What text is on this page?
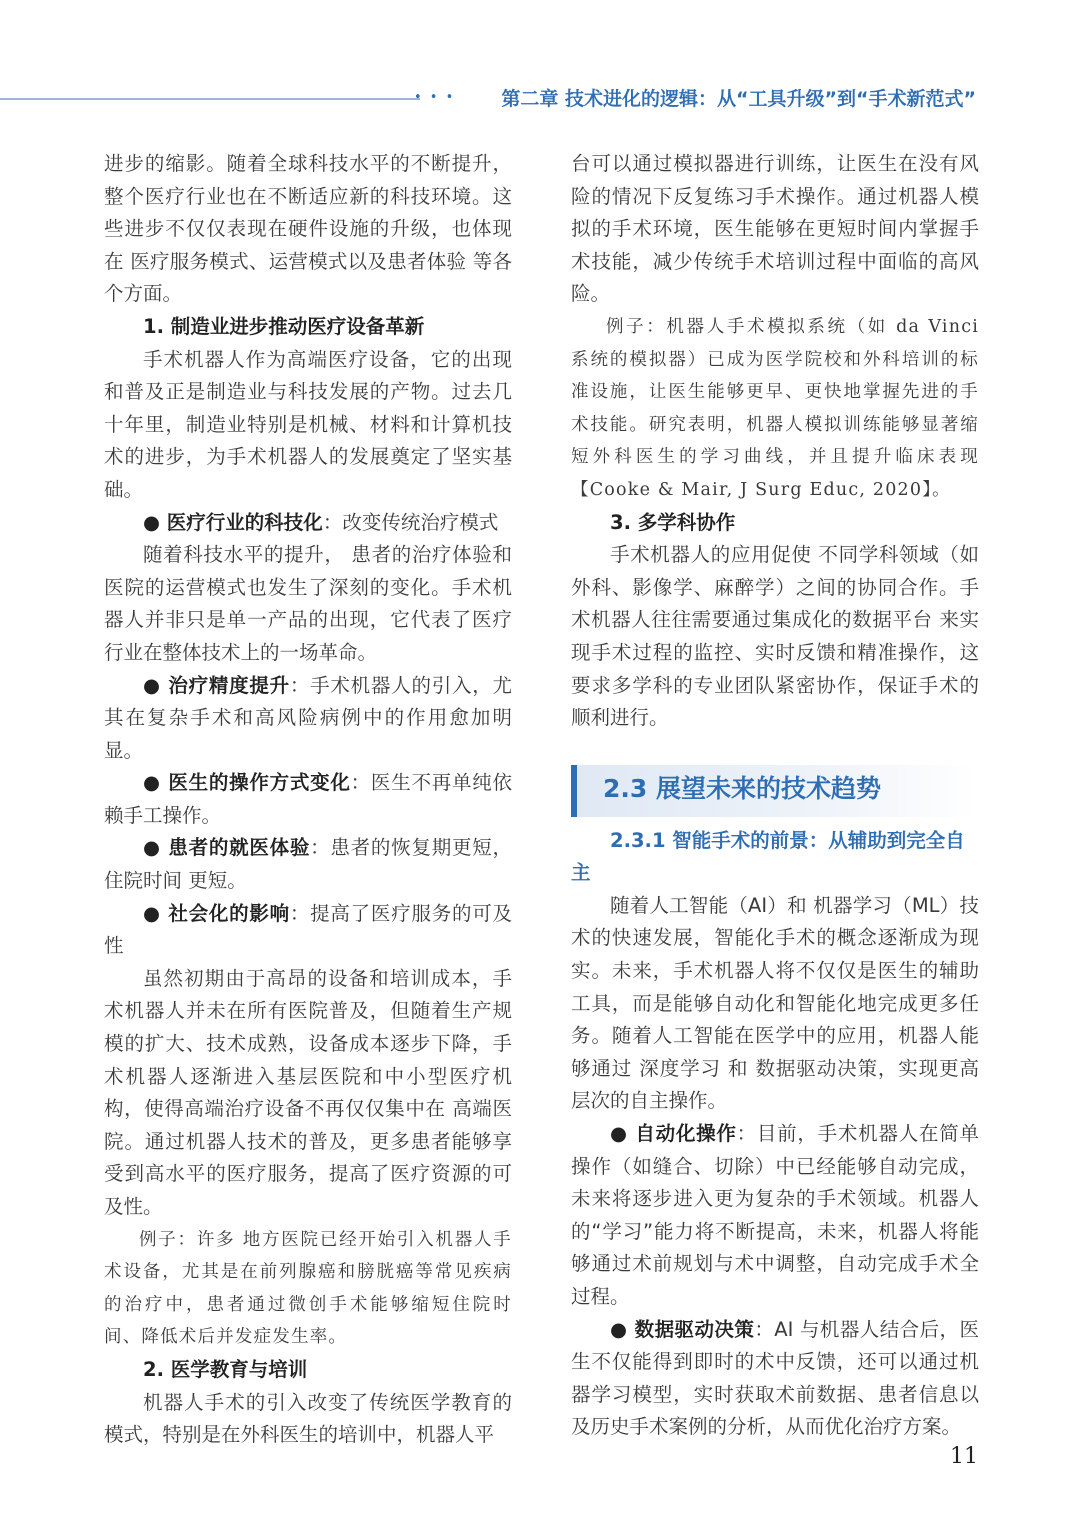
• • • 第二章 技术进化的逻辑：从“工具升级”到“手术新范式”

进步的缩影。随着全球科技水平的不断提升，整个医疗行业也在不断适应新的科技环境。这些进步不仅仅表现在硬件设施的升级，也体现在 医疗服务模式、运营模式以及患者体验 等各个方面。

1. 制造业进步推动医疗设备革新

手术机器人作为高端医疗设备，它的出现和普及正是制造业与科技发展的产物。过去几十年里，制造业特别是机械、材料和计算机技术的进步，为手术机器人的发展奠定了坚实基础。

● 医疗行业的科技化：改变传统治疗模式

随着科技水平的提升， 患者的治疗体验和医院的运营模式也发生了深刻的变化。手术机器人并非只是单一产品的出现，它代表了医疗行业在整体技术上的一场革命。

● 治疗精度提升：手术机器人的引入，尤其在复杂手术和高风险病例中的作用愈加明显。

● 医生的操作方式变化：医生不再单纯依赖手工操作。

● 患者的就医体验：患者的恢复期更短，住院时间 更短。

● 社会化的影响：提高了医疗服务的可及性

虽然初期由于高昂的设备和培训成本，手术机器人并未在所有医院普及，但随着生产规模的扩大、技术成熟，设备成本逐步下降，手术机器人逐渐进入基层医院和中小型医疗机构，使得高端治疗设备不再仅仅集中在 高端医院。通过机器人技术的普及，更多患者能够享受到高水平的医疗服务，提高了医疗资源的可及性。

例子：许多 地方医院已经开始引入机器人手术设备，尤其是在前列腺癌和膀胱癌等常见疾病的治疗中，患者通过微创手术能够缩短住院时间、降低术后并发症发生率。

2. 医学教育与培训

机器人手术的引入改变了传统医学教育的模式，特别是在外科医生的培训中，机器人平

台可以通过模拟器进行训练，让医生在没有风险的情况下反复练习手术操作。通过机器人模拟的手术环境，医生能够在更短时间内掌握手术技能，减少传统手术培训过程中面临的高风险。

例子：机器人手术模拟系统（如 da Vinci 系统的模拟器）已成为医学院校和外科培训的标准设施，让医生能够更早、更快地掌握先进的手术技能。研究表明，机器人模拟训练能够显著缩短外科医生的学习曲线，并且提升临床表现【Cooke & Mair, J Surg Educ, 2020】。

3. 多学科协作

手术机器人的应用促使 不同学科领域（如外科、影像学、麻醉学）之间的协同合作。手术机器人往往需要通过集成化的数据平台 来实现手术过程的监控、实时反馈和精准操作，这要求多学科的专业团队紧密协作，保证手术的顺利进行。

2.3 展望未来的技术趋势

2.3.1 智能手术的前景：从辅助到完全自主

随着人工智能（AI）和 机器学习（ML）技术的快速发展，智能化手术的概念逐渐成为现实。未来，手术机器人将不仅仅是医生的辅助工具，而是能够自动化和智能化地完成更多任务。随着人工智能在医学中的应用，机器人能够通过 深度学习 和 数据驱动决策，实现更高层次的自主操作。

● 自动化操作：目前，手术机器人在简单操作（如缝合、切除）中已经能够自动完成，未来将逐步进入更为复杂的手术领域。机器人的“学习”能力将不断提高，未来，机器人将能够通过术前规划与术中调整，自动完成手术全过程。

● 数据驱动决策：AI 与机器人结合后，医生不仅能得到即时的术中反馈，还可以通过机器学习模型，实时获取术前数据、患者信息以及历史手术案例的分析，从而优化治疗方案。

11
